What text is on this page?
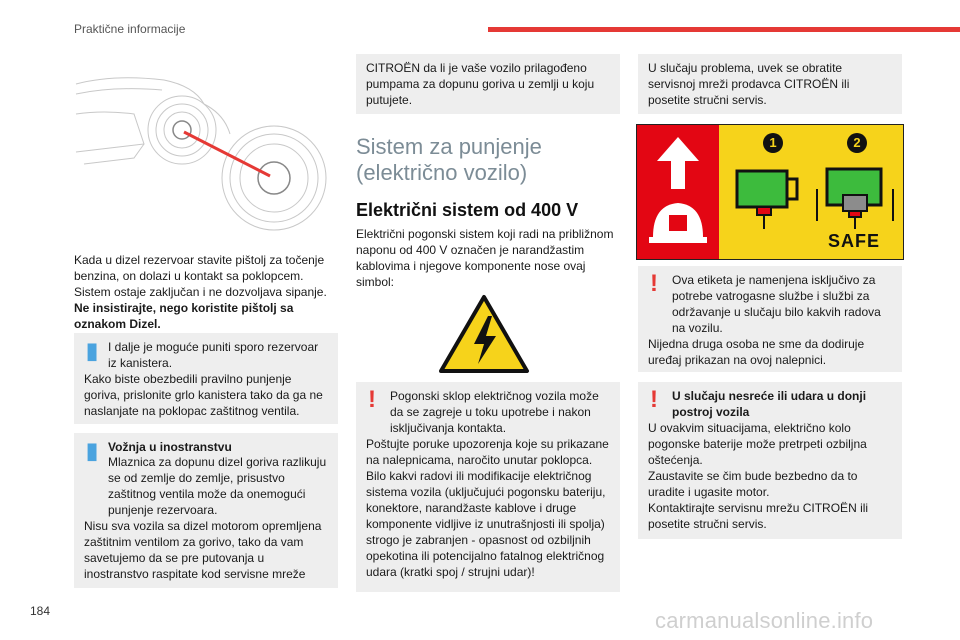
Praktične informacije

Kada u dizel rezervoar stavite pištolj za točenje benzina, on dolazi u kontakt sa poklopcem. Sistem ostaje zaključan i ne dozvoljava sipanje.

Ne insistirajte, nego koristite pištolj sa oznakom Dizel.

▮ I dalje je moguće puniti sporo rezervoar iz kanistera.
Kako biste obezbedili pravilno punjenje goriva, prislonite grlo kanistera tako da ga ne naslanjate na poklopac zaštitnog ventila.
▮ Vožnja u inostranstvu
Mlaznica za dopunu dizel goriva razlikuju se od zemlje do zemlje, prisustvo zaštitnog ventila može da onemogući punjenje rezervoara.
Nisu sva vozila sa dizel motorom opremljena zaštitnim ventilom za gorivo, tako da vam savetujemo da se pre putovanja u inostranstvo raspitate kod servisne mreže
CITROËN da li je vaše vozilo prilagođeno pumpama za dopunu goriva u zemlji u koju putujete.
Sistem za punjenje (električno vozilo)
Električni sistem od 400 V
Električni pogonski sistem koji radi na približnom naponu od 400 V označen je narandžastim kablovima i njegove komponente nose ovaj simbol:
!	Pogonski sklop električnog vozila može da se zagreje u toku upotrebe i nakon isključivanja kontakta.
Poštujte poruke upozorenja koje su prikazane na nalepnicama, naročito unutar poklopca. Bilo kakvi radovi ili modifikacije električnog sistema vozila (uključujući pogonsku bateriju, konektore, narandžaste kablove i druge komponente vidljive iz unutrašnjosti ili spolja) strogo je zabranjen - opasnost od ozbiljnih opekotina ili potencijalno fatalnog električnog udara (kratki spoj / strujni udar)!
U slučaju problema, uvek se obratite servisnoj mreži prodavca CITROËN ili posetite stručni servis.
1	2
SAFE
!	Ova etiketa je namenjena isključivo za potrebe vatrogasne službe i službi za održavanje u slučaju bilo kakvih radova na vozilu.
Nijedna druga osoba ne sme da dodiruje uređaj prikazan na ovoj nalepnici.
!	U slučaju nesreće ili udara u donji postroj vozila
U ovakvim situacijama, električno kolo pogonske baterije može pretrpeti ozbiljna oštećenja.
Zaustavite se čim bude bezbedno da to uradite i ugasite motor.
Kontaktirajte servisnu mrežu CITROËN ili posetite stručni servis.
184	carmanualsonline.info
